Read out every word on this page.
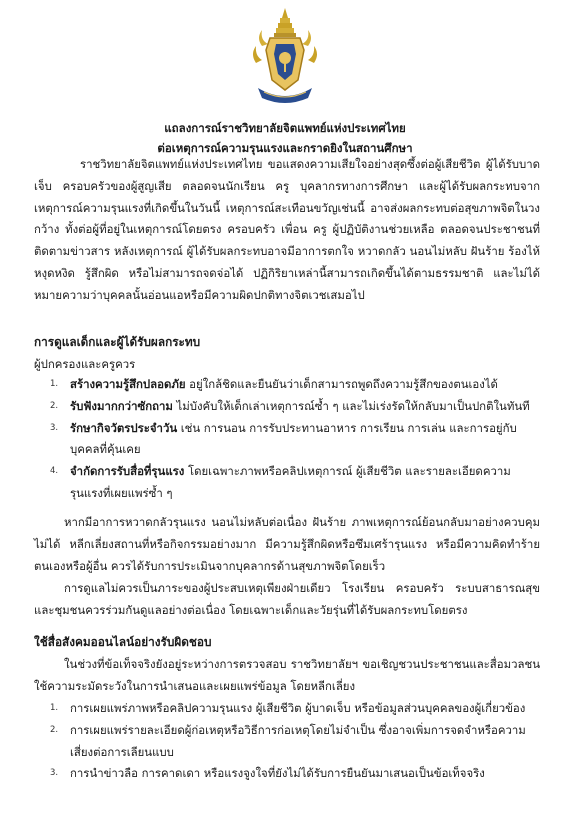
แถลงการณ์ราชวิทยาลัยจิตแพทย์แห่งประเทศไทย
ต่อเหตุการณ์ความรุนแรงและกราดยิงในสถานศึกษา

ราชวิทยาลัยจิตแพทย์แห่งประเทศไทย ขอแสดงความเสียใจอย่างสุดซึ้งต่อผู้เสียชีวิต ผู้ได้รับบาดเจ็บ ครอบครัวของผู้สูญเสีย ตลอดจนนักเรียน ครู บุคลากรทางการศึกษา และผู้ได้รับผลกระทบจากเหตุการณ์ความรุนแรงที่เกิดขึ้นในวันนี้ เหตุการณ์สะเทือนขวัญเช่นนี้ อาจส่งผลกระทบต่อสุขภาพจิตในวงกว้าง ทั้งต่อผู้ที่อยู่ในเหตุการณ์โดยตรง ครอบครัว เพื่อน ครู ผู้ปฏิบัติงานช่วยเหลือ ตลอดจนประชาชนที่ติดตามข่าวสาร หลังเหตุการณ์ ผู้ได้รับผลกระทบอาจมีอาการตกใจ หวาดกลัว นอนไม่หลับ ฝันร้าย ร้องไห้ หงุดหงิด รู้สึกผิด หรือไม่สามารถจดจ่อได้ ปฏิกิริยาเหล่านี้สามารถเกิดขึ้นได้ตามธรรมชาติ และไม่ได้หมายความว่าบุคคลนั้นอ่อนแอหรือมีความผิดปกติทางจิตเวชเสมอไป

การดูแลเด็กและผู้ได้รับผลกระทบ
ผู้ปกครองและครูควร
1. สร้างความรู้สึกปลอดภัย อยู่ใกล้ชิดและยืนยันว่าเด็กสามารถพูดถึงความรู้สึกของตนเองได้
2. รับฟังมากกว่าซักถาม ไม่บังคับให้เด็กเล่าเหตุการณ์ซ้ำ ๆ และไม่เร่งรัดให้กลับมาเป็นปกติในทันที
3. รักษากิจวัตรประจำวัน เช่น การนอน การรับประทานอาหาร การเรียน การเล่น และการอยู่กับบุคคลที่คุ้นเคย
4. จำกัดการรับสื่อที่รุนแรง โดยเฉพาะภาพหรือคลิปเหตุการณ์ ผู้เสียชีวิต และรายละเอียดความรุนแรงที่เผยแพร่ซ้ำ ๆ

หากมีอาการหวาดกลัวรุนแรง นอนไม่หลับต่อเนื่อง ฝันร้าย ภาพเหตุการณ์ย้อนกลับมาอย่างควบคุมไม่ได้ หลีกเลี่ยงสถานที่หรือกิจกรรมอย่างมาก มีความรู้สึกผิดหรือซึมเศร้ารุนแรง หรือมีความคิดทำร้ายตนเองหรือผู้อื่น ควรได้รับการประเมินจากบุคลากรด้านสุขภาพจิตโดยเร็ว

การดูแลไม่ควรเป็นภาระของผู้ประสบเหตุเพียงฝ่ายเดียว โรงเรียน ครอบครัว ระบบสาธารณสุข และชุมชนควรร่วมกันดูแลอย่างต่อเนื่อง โดยเฉพาะเด็กและวัยรุ่นที่ได้รับผลกระทบโดยตรง

ใช้สื่อสังคมออนไลน์อย่างรับผิดชอบ

ในช่วงที่ข้อเท็จจริงยังอยู่ระหว่างการตรวจสอบ ราชวิทยาลัยฯ ขอเชิญชวนประชาชนและสื่อมวลชนใช้ความระมัดระวังในการนำเสนอและเผยแพร่ข้อมูล โดยหลีกเลี่ยง

1. การเผยแพร่ภาพหรือคลิปความรุนแรง ผู้เสียชีวิต ผู้บาดเจ็บ หรือข้อมูลส่วนบุคคลของผู้เกี่ยวข้อง
2. การเผยแพร่รายละเอียดผู้ก่อเหตุหรือวิธีการก่อเหตุโดยไม่จำเป็น ซึ่งอาจเพิ่มการจดจำหรือความเสี่ยงต่อการเลียนแบบ
3. การนำข่าวลือ การคาดเดา หรือแรงจูงใจที่ยังไม่ได้รับการยืนยันมาเสนอเป็นข้อเท็จจริง
